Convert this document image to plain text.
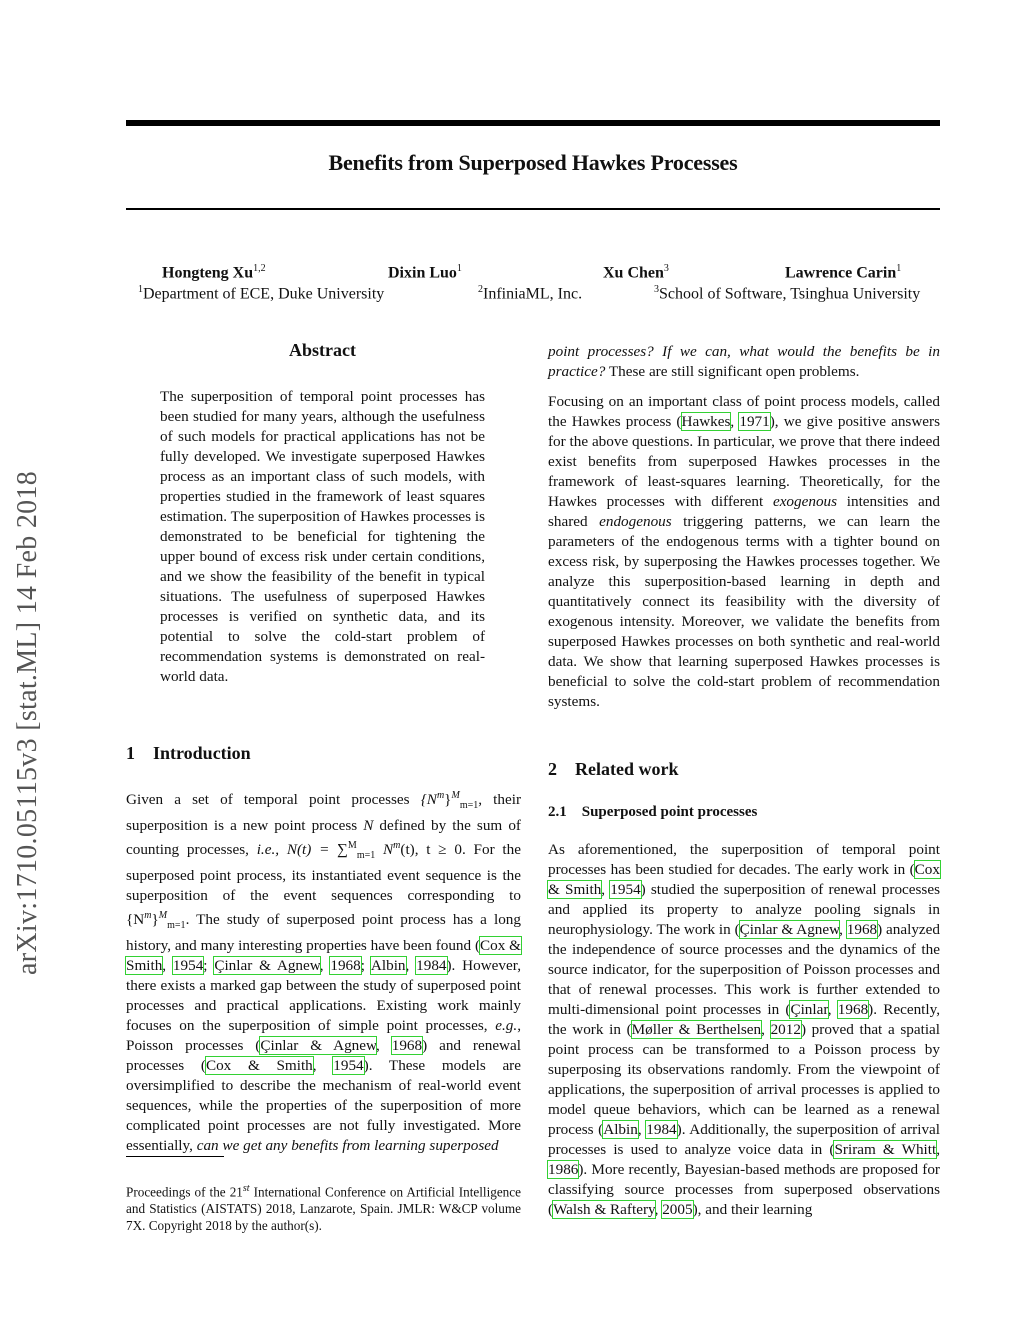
arXiv:1710.05115v3 [stat.ML] 14 Feb 2018
Benefits from Superposed Hawkes Processes
Hongteng Xu$^{1,2}$	Dixin Luo$^1$	Xu Chen$^3$	Lawrence Carin$^1$
$^1$Department of ECE, Duke University	$^2$InfiniaML, Inc.	$^3$School of Software, Tsinghua University
Abstract
The superposition of temporal point processes has been studied for many years, although the usefulness of such models for practical applications has not be fully developed. We investigate superposed Hawkes process as an important class of such models, with properties studied in the framework of least squares estimation. The superposition of Hawkes processes is demonstrated to be beneficial for tightening the upper bound of excess risk under certain conditions, and we show the feasibility of the benefit in typical situations. The usefulness of superposed Hawkes processes is verified on synthetic data, and its potential to solve the cold-start problem of recommendation systems is demonstrated on real-world data.
1 Introduction

Given a set of temporal point processes $\{N^m\}^M_{m=1}$, their superposition is a new point process N defined by the sum of counting processes, i.e., N(t) = ∑$^M_{m=1}$ $N^m(t)$, t ≥ 0. For the superposed point process, its instantiated event sequence is the superposition of the event sequences corresponding to $\{N^m\}^M_{m=1}$. The study of superposed point process has a long history, and many interesting properties have been found (Cox & Smith, 1954; Çinlar & Agnew, 1968; Albin, 1984). However, there exists a marked gap between the study of superposed point processes and practical applications. Existing work mainly focuses on the superposition of simple point processes, e.g., Poisson processes (Çinlar & Agnew, 1968) and renewal processes (Cox & Smith, 1954). These models are oversimplified to describe the mechanism of real-world event sequences, while the properties of the superposition of more complicated point processes are not fully investigated. More essentially, can we get any benefits from learning superposed

Proceedings of the 21st International Conference on Artificial Intelligence and Statistics (AISTATS) 2018, Lanzarote, Spain. JMLR: W&CP volume 7X. Copyright 2018 by the author(s).

point processes? If we can, what would the benefits be in practice? These are still significant open problems.

Focusing on an important class of point process models, called the Hawkes process (Hawkes, 1971), we give positive answers for the above questions. In particular, we prove that there indeed exist benefits from superposed Hawkes processes in the framework of least-squares learning. Theoretically, for the Hawkes processes with different exogenous intensities and shared endogenous triggering patterns, we can learn the parameters of the endogenous terms with a tighter bound on excess risk, by superposing the Hawkes processes together. We analyze this superposition-based learning in depth and quantitatively connect its feasibility with the diversity of exogenous intensity. Moreover, we validate the benefits from superposed Hawkes processes on both synthetic and real-world data. We show that learning superposed Hawkes processes is beneficial to solve the cold-start problem of recommendation systems.

2 Related work
2.1 Superposed point processes

As aforementioned, the superposition of temporal point processes has been studied for decades. The early work in (Cox & Smith, 1954) studied the superposition of renewal processes and applied its property to analyze pooling signals in neurophysiology. The work in (Çinlar & Agnew, 1968) analyzed the independence of source processes and the dynamics of the source indicator, for the superposition of Poisson processes and that of renewal processes. This work is further extended to multi-dimensional point processes in (Çinlar, 1968). Recently, the work in (Møller & Berthelsen, 2012) proved that a spatial point process can be transformed to a Poisson process by superposing its observations randomly. From the viewpoint of applications, the superposition of arrival processes is applied to model queue behaviors, which can be learned as a renewal process (Albin, 1984). Additionally, the superposition of arrival processes is used to analyze voice data in (Sriram & Whitt, 1986). More recently, Bayesian-based methods are proposed for classifying source processes from superposed observations (Walsh & Raftery, 2005), and their learning
